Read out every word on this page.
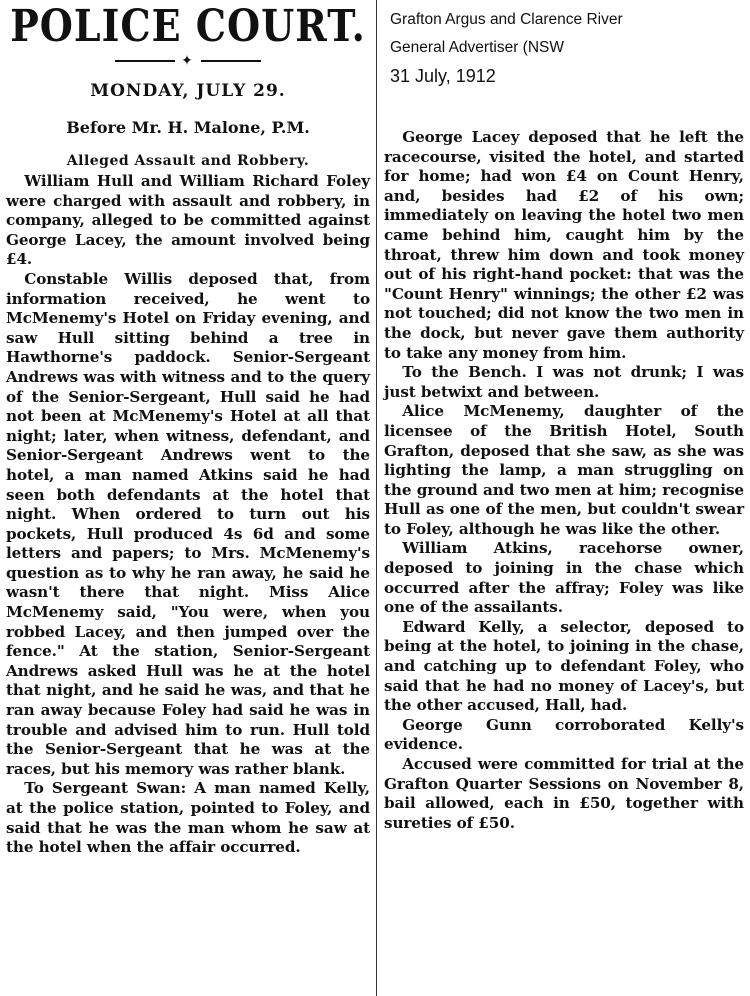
POLICE COURT.
✦
MONDAY, JULY 29.
Before Mr. H. Malone, P.M.
Alleged Assault and Robbery.

William Hull and William Richard Foley were charged with assault and robbery, in company, alleged to be committed against George Lacey, the amount involved being £4.

Constable Willis deposed that, from information received, he went to McMenemy's Hotel on Friday evening, and saw Hull sitting behind a tree in Hawthorne's paddock. Senior-Sergeant Andrews was with witness and to the query of the Senior-Sergeant, Hull said he had not been at McMenemy's Hotel at all that night; later, when witness, defendant, and Senior-Sergeant Andrews went to the hotel, a man named Atkins said he had seen both defendants at the hotel that night. When ordered to turn out his pockets, Hull produced 4s 6d and some letters and papers; to Mrs. McMenemy's question as to why he ran away, he said he wasn't there that night. Miss Alice McMenemy said, "You were, when you robbed Lacey, and then jumped over the fence." At the station, Senior-Sergeant Andrews asked Hull was he at the hotel that night, and he said he was, and that he ran away because Foley had said he was in trouble and advised him to run. Hull told the Senior-Sergeant that he was at the races, but his memory was rather blank.

To Sergeant Swan: A man named Kelly, at the police station, pointed to Foley, and said that he was the man whom he saw at the hotel when the affair occurred.

Grafton Argus and Clarence River
General Advertiser (NSW
31 July, 1912

George Lacey deposed that he left the racecourse, visited the hotel, and started for home; had won £4 on Count Henry, and, besides had £2 of his own; immediately on leaving the hotel two men came behind him, caught him by the throat, threw him down and took money out of his right-hand pocket: that was the "Count Henry" winnings; the other £2 was not touched; did not know the two men in the dock, but never gave them authority to take any money from him.

To the Bench. I was not drunk; I was just betwixt and between.

Alice McMenemy, daughter of the licensee of the British Hotel, South Grafton, deposed that she saw, as she was lighting the lamp, a man struggling on the ground and two men at him; recognise Hull as one of the men, but couldn't swear to Foley, although he was like the other.

William Atkins, racehorse owner, deposed to joining in the chase which occurred after the affray; Foley was like one of the assailants.

Edward Kelly, a selector, deposed to being at the hotel, to joining in the chase, and catching up to defendant Foley, who said that he had no money of Lacey's, but the other accused, Hall, had.

George Gunn corroborated Kelly's evidence.

Accused were committed for trial at the Grafton Quarter Sessions on November 8, bail allowed, each in £50, together with sureties of £50.
